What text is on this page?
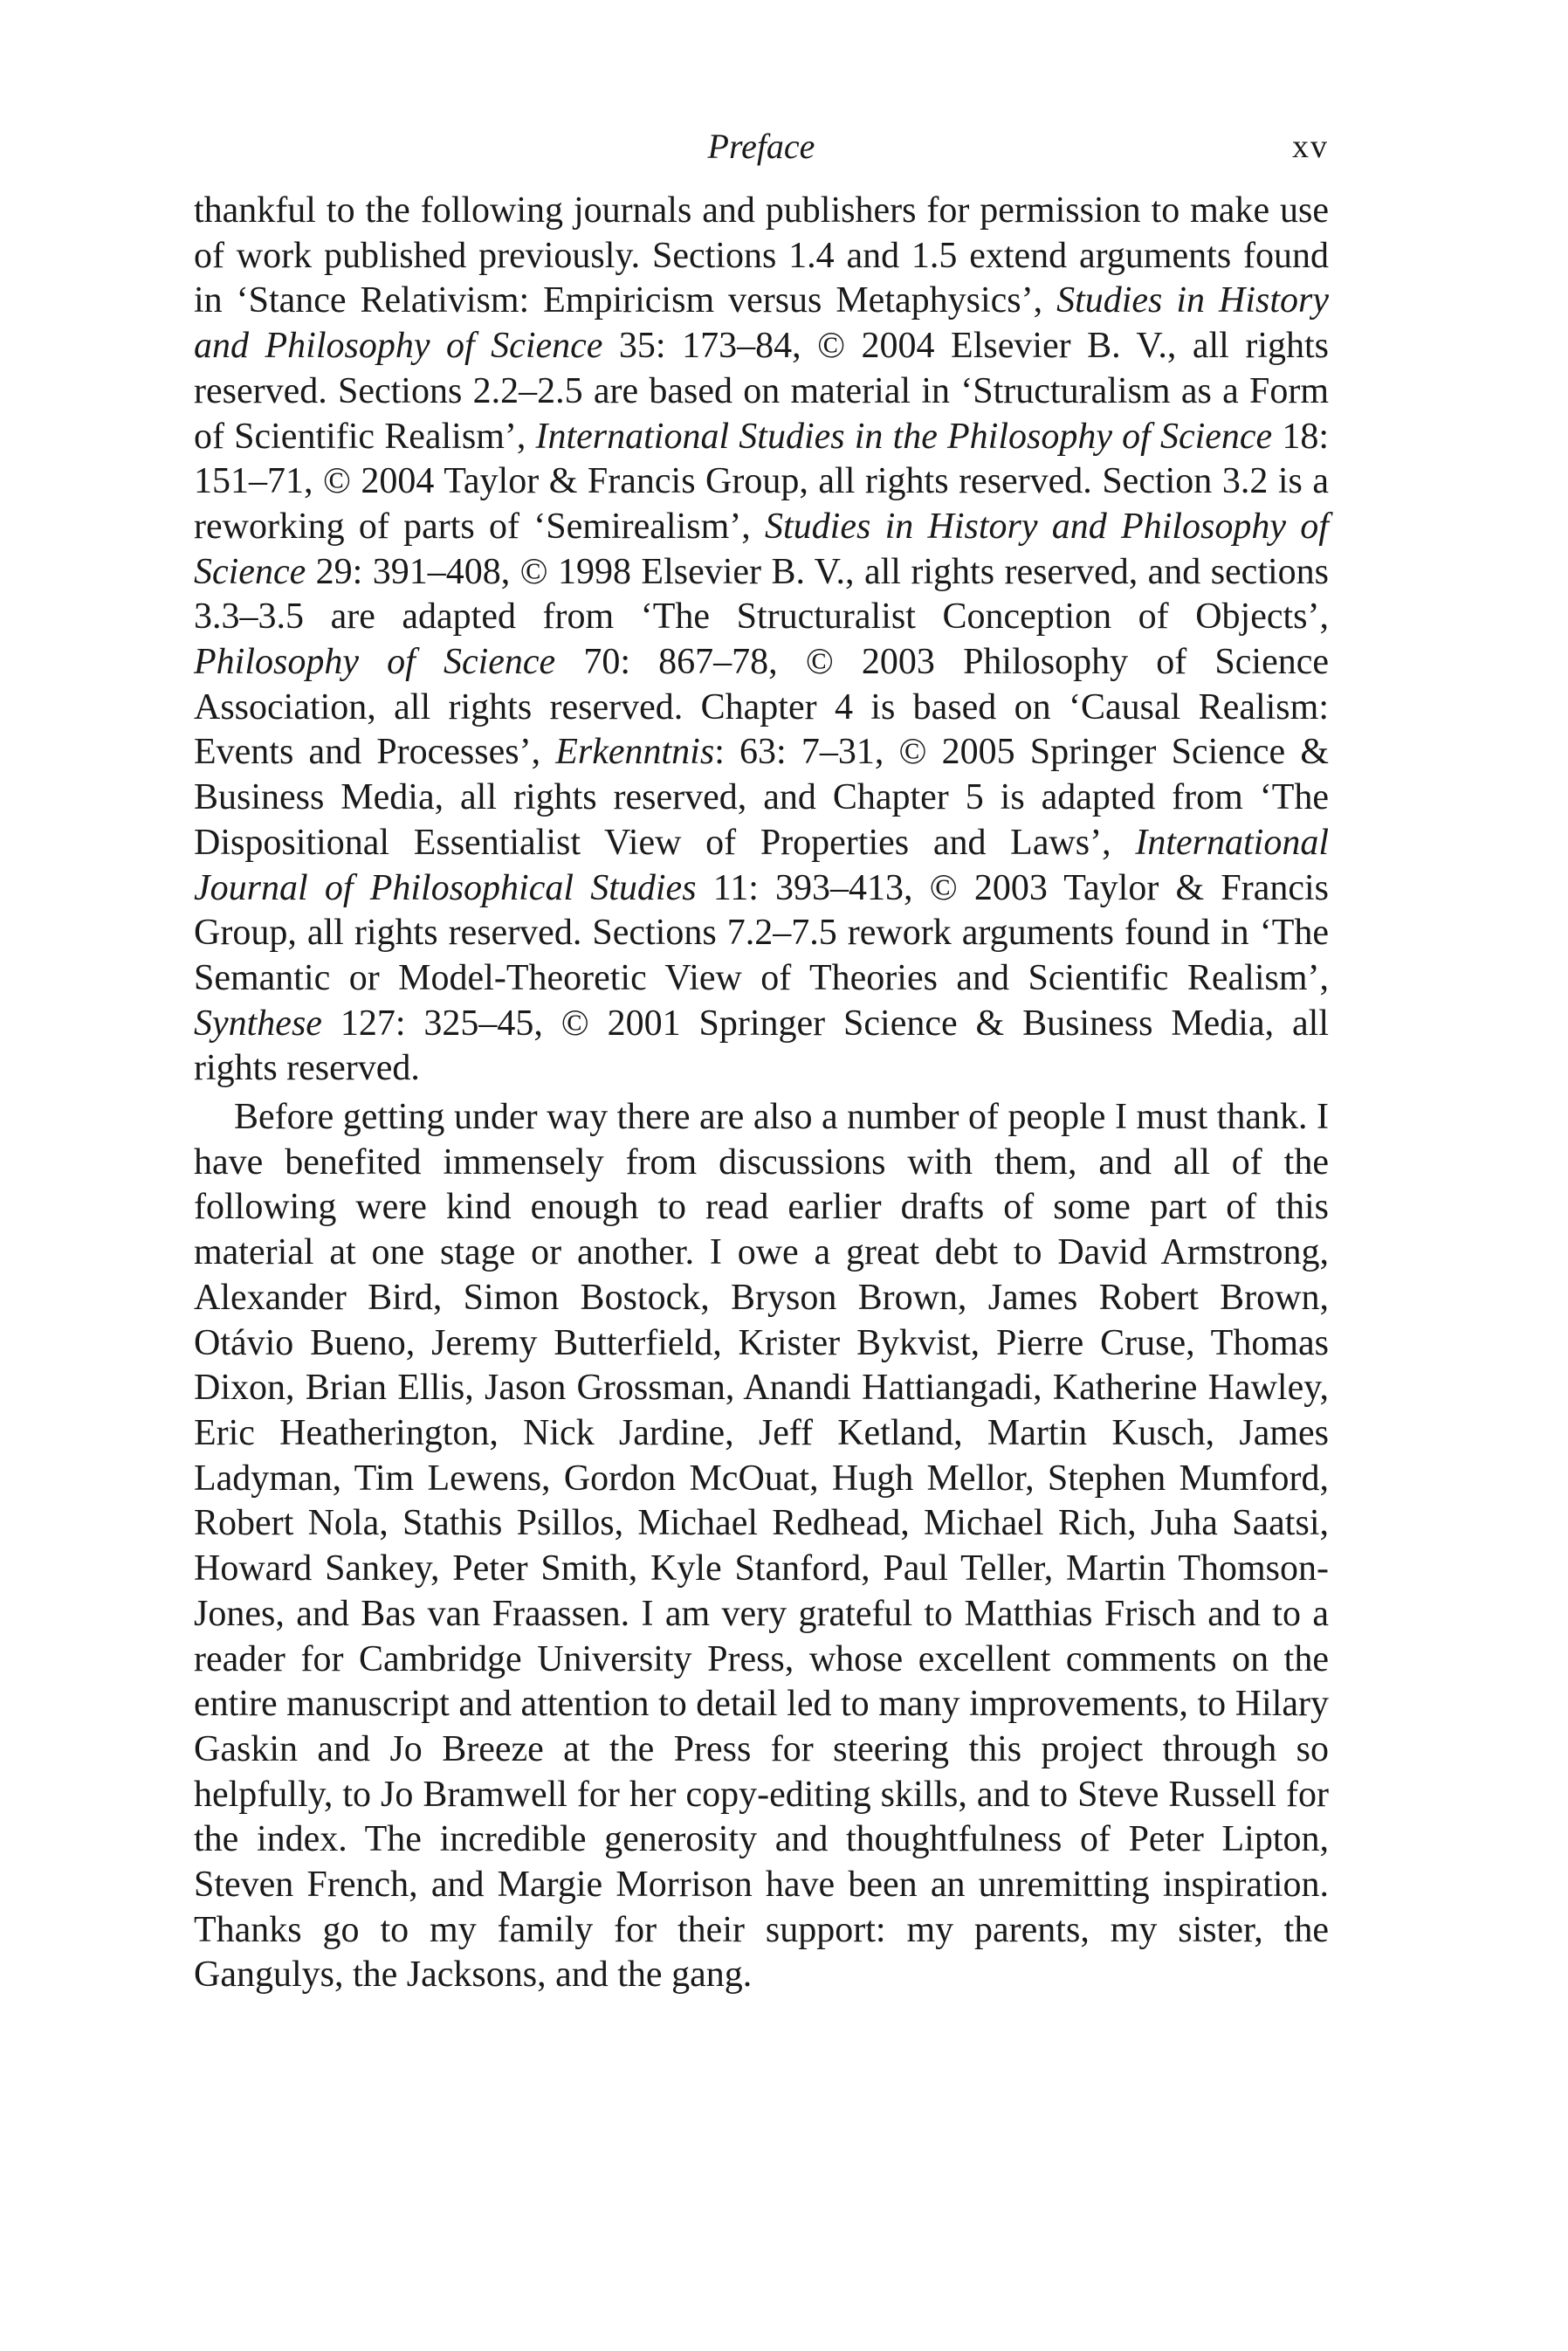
Preface	xv

thankful to the following journals and publishers for permission to make use of work published previously. Sections 1.4 and 1.5 extend arguments found in ‘Stance Relativism: Empiricism versus Metaphysics’, Studies in History and Philosophy of Science 35: 173–84, © 2004 Elsevier B. V., all rights reserved. Sections 2.2–2.5 are based on material in ‘Structuralism as a Form of Scientific Realism’, International Studies in the Philosophy of Science 18: 151–71, © 2004 Taylor & Francis Group, all rights reserved. Section 3.2 is a reworking of parts of ‘Semirealism’, Studies in History and Philosophy of Science 29: 391–408, © 1998 Elsevier B. V., all rights reserved, and sections 3.3–3.5 are adapted from ‘The Structuralist Conception of Objects’, Philosophy of Science 70: 867–78, © 2003 Philosophy of Science Association, all rights reserved. Chapter 4 is based on ‘Causal Realism: Events and Processes’, Erkenntnis: 63: 7–31, © 2005 Springer Science & Business Media, all rights reserved, and Chapter 5 is adapted from ‘The Dispositional Essentialist View of Properties and Laws’, International Journal of Philosophical Studies 11: 393–413, © 2003 Taylor & Francis Group, all rights reserved. Sections 7.2–7.5 rework arguments found in ‘The Semantic or Model-Theoretic View of Theories and Scientific Realism’, Synthese 127: 325–45, © 2001 Springer Science & Business Media, all rights reserved.

Before getting under way there are also a number of people I must thank. I have benefited immensely from discussions with them, and all of the following were kind enough to read earlier drafts of some part of this material at one stage or another. I owe a great debt to David Armstrong, Alexander Bird, Simon Bostock, Bryson Brown, James Robert Brown, Otávio Bueno, Jeremy Butterfield, Krister Bykvist, Pierre Cruse, Thomas Dixon, Brian Ellis, Jason Grossman, Anandi Hattiangadi, Katherine Hawley, Eric Heatherington, Nick Jardine, Jeff Ketland, Martin Kusch, James Ladyman, Tim Lewens, Gordon McOuat, Hugh Mellor, Stephen Mumford, Robert Nola, Stathis Psillos, Michael Redhead, Michael Rich, Juha Saatsi, Howard Sankey, Peter Smith, Kyle Stanford, Paul Teller, Martin Thomson-Jones, and Bas van Fraassen. I am very grateful to Matthias Frisch and to a reader for Cambridge University Press, whose excellent comments on the entire manuscript and attention to detail led to many improvements, to Hilary Gaskin and Jo Breeze at the Press for steering this project through so helpfully, to Jo Bramwell for her copy-editing skills, and to Steve Russell for the index. The incredible generosity and thoughtfulness of Peter Lipton, Steven French, and Margie Morrison have been an unremitting inspiration. Thanks go to my family for their support: my parents, my sister, the Gangulys, the Jacksons, and the gang.
